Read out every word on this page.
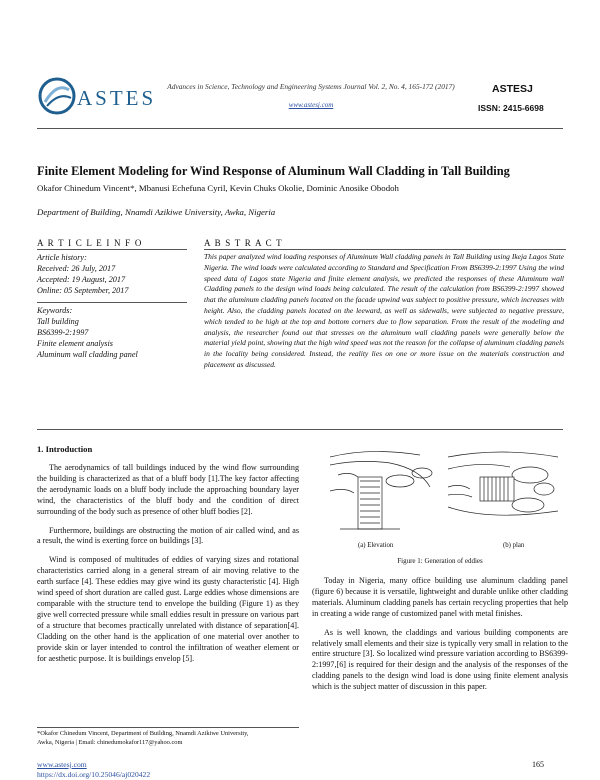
ASTES	Advances in Science, Technology and Engineering Systems Journal Vol. 2, No. 4, 165-172 (2017)
www.astesj.com
ASTESJ
ISSN: 2415-6698
Finite Element Modeling for Wind Response of Aluminum Wall Cladding in Tall Building
Okafor Chinedum Vincent*, Mbanusi Echefuna Cyril, Kevin Chuks Okolie, Dominic Anosike Obodoh
Department of Building, Nnamdi Azikiwe University, Awka, Nigeria
A R T I C L E I N F O
Article history:
Received: 26 July, 2017
Accepted: 19 August, 2017
Online: 05 September, 2017
Keywords:
Tall building
BS6399-2:1997
Finite element analysis
Aluminum wall cladding panel
A B S T R A C T
This paper analyzed wind loading responses of Aluminum Wall cladding panels in Tall Building using Ikeja Lagos State Nigeria. The wind loads were calculated according to Standard and Specification From BS6399-2:1997 Using the wind speed data of Lagos state Nigeria and finite element analysis, we predicted the responses of these Aluminum wall Cladding panels to the design wind loads being calculated. The result of the calculation from BS6399-2:1997 showed that the aluminum cladding panels located on the facade upwind was subject to positive pressure, which increases with height. Also, the cladding panels located on the leeward, as well as sidewalls, were subjected to negative pressure, which tended to be high at the top and bottom corners due to flow separation. From the result of the modeling and analysis, the researcher found out that stresses on the aluminum wall cladding panels were generally below the material yield point, showing that the high wind speed was not the reason for the collapse of aluminum cladding panels in the locality being considered. Instead, the reality lies on one or more issue on the materials construction and placement as discussed.
1. Introduction

The aerodynamics of tall buildings induced by the wind flow surrounding the building is characterized as that of a bluff body [1].The key factor affecting the aerodynamic loads on a bluff body include the approaching boundary layer wind, the characteristics of the bluff body and the condition of direct surrounding of the body such as presence of other bluff bodies [2].

Furthermore, buildings are obstructing the motion of air called wind, and as a result, the wind is exerting force on buildings [3].

Wind is composed of multitudes of eddies of varying sizes and rotational characteristics carried along in a general stream of air moving relative to the earth surface [4]. These eddies may give wind its gusty characteristic [4]. High wind speed of short duration are called gust. Large eddies whose dimensions are comparable with the structure tend to envelope the building (Figure 1) as they give well corrected pressure while small eddies result in pressure on various part of a structure that becomes practically unrelated with distance of separation[4]. Cladding on the other hand is the application of one material over another to provide skin or layer intended to control the infiltration of weather element or for aesthetic purpose. It is buildings envelop [5].

(a) Elevation	(b) plan
Figure 1: Generation of eddies

Today in Nigeria, many office building use aluminum cladding panel (figure 6) because it is versatile, lightweight and durable unlike other cladding materials. Aluminum cladding panels has certain recycling properties that help in creating a wide range of customized panel with metal finishes.

As is well known, the claddings and various building components are relatively small elements and their size is typically very small in relation to the entire structure [3]. So localized wind pressure variation according to BS6399-2:1997,[6] is required for their design and the analysis of the responses of the cladding panels to the design wind load is done using finite element analysis which is the subject matter of discussion in this paper.

*Okafor Chinedum Vincent, Department of Building, Nnamdi Azikiwe University,
Awka, Nigeria | Email: chinedumokafor117@yahoo.com
www.astesj.com
https://dx.doi.org/10.25046/aj020422
165
